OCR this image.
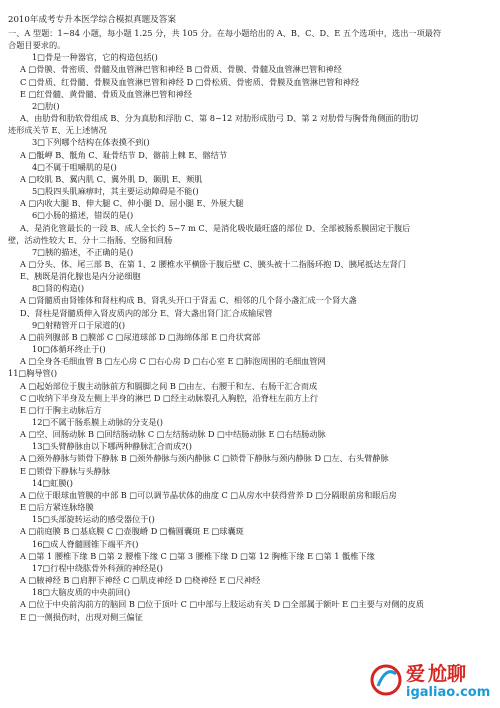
2010年成考专升本医学综合模拟真题及答案
一、A 型题：1~84 小题，每小题 1.25 分，共 105 分。在每小题给出的 A、B、C、D、E 五个选项中，选出一项最符
合题目要求的。
1□骨是一种器官，它的构造包括()
A □骨膜、骨密质、骨髓及血管淋巴管和神经 B □骨质、骨膜、骨髓及血管淋巴管和神经
C □骨质、红骨髓、骨膜及血管淋巴管和神经 D □骨松质、骨密质、骨膜及血管淋巴管和神经
E □红骨髓、黄骨髓、骨质及血管淋巴管和神经
2□肋()
A、由肋骨和肋软骨组成 B、分为真肋和浮肋 C、第 8~12 对肋形成肋弓 D、第 2 对肋骨与胸骨角侧面的肋切
迹形成关节 E、无上述情况
3□下列哪个结构在体表摸不到()
A □骶岬 B、骶角 C、耻骨结节 D、髂前上棘 E、髂结节
4□不属于咀嚼肌的是()
A □咬肌 B、翼内肌 C、翼外肌 D、颞肌 E、颊肌
5□股四头肌麻痹时，其主要运动障碍是不能()
A □内收大腿 B、伸大腿 C、伸小腿 D、屈小腿 E、外展大腿
6□小肠的描述，错误的是()
A、是消化管最长的一段 B、成人全长约 5~7 m C、是消化吸收最旺盛的部位 D、全部被肠系膜固定于腹后
壁，活动性较大 E、分十二指肠、空肠和回肠
7□胰的描述，不正确的是()
A □分头、体、尾三部 B、在第 1、2 腰椎水平横卧于腹后壁 C、胰头被十二指肠环抱 D、胰尾抵达左肾门
E、胰既是消化腺也是内分泌细胞
8□肾的构造()
A □肾髓质由肾锥体和肾柱构成 B、肾乳头开口于肾盂 C、相邻的几个肾小盏汇成一个肾大盏
D、肾柱是肾髓质伸入肾皮质内的部分 E、肾大盏出肾门汇合成输尿管
9□射精管开口于尿道的()
A □前列腺部 B □膜部 C □尿道球部 D □海绵体部 E □舟状窝部
10□体循环终止于()
A □全身各毛细血管 B □左心房 C □右心房 D □右心室 E □肺泡周围的毛细血管网
11□胸导管()
A □起始部位于腹主动脉前方和膈脚之间 B □由左、右腰干和左、右肠干汇合而成
C □收纳下半身及左侧上半身的淋巴 D □经主动脉裂孔入胸腔，沿脊柱左前方上行
E □行于胸主动脉后方
12□不属于肠系膜上动脉的分支是()
A □空、回肠动脉 B □回结肠动脉 C □左结肠动脉 D □中结肠动脉 E □右结肠动脉
13□头臂静脉由以下哪两种静脉汇合而成?()
A □颈外静脉与锁骨下静脉 B □颈外静脉与颈内静脉 C □锁骨下静脉与颈内静脉 D □左、右头臂静脉
E □锁骨下静脉与头静脉
14□虹膜()
A □位于眼球血管膜的中部 B □可以调节晶状体的曲度 C □从房水中获得营养 D □分隔眼前房和眼后房
E □后方紧连脉络膜
15□头部旋转运动的感受器位于()
A □前庭膜 B □基底膜 C □壶腹嵴 D □椭圆囊斑 E □球囊斑
16□成人脊髓圆锥下端平齐()
A □第 1 腰椎下缘 B □第 2 腰椎下缘 C □第 3 腰椎下缘 D □第 12 胸椎下缘 E □第 1 骶椎下缘
17□行程中绕肱骨外科颈的神经是()
A □腋神经 B □肩胛下神经 C □肌皮神经 D □桡神经 E □尺神经
18□大脑皮质的中央前回()
A □位于中央前沟前方的脑回 B □位于顶叶 C □中部与上肢运动有关 D □全部属于额叶 E □主要与对侧的皮质
E □一侧损伤时，出现对侧三偏征
爱 尬聊
igaliao.com
